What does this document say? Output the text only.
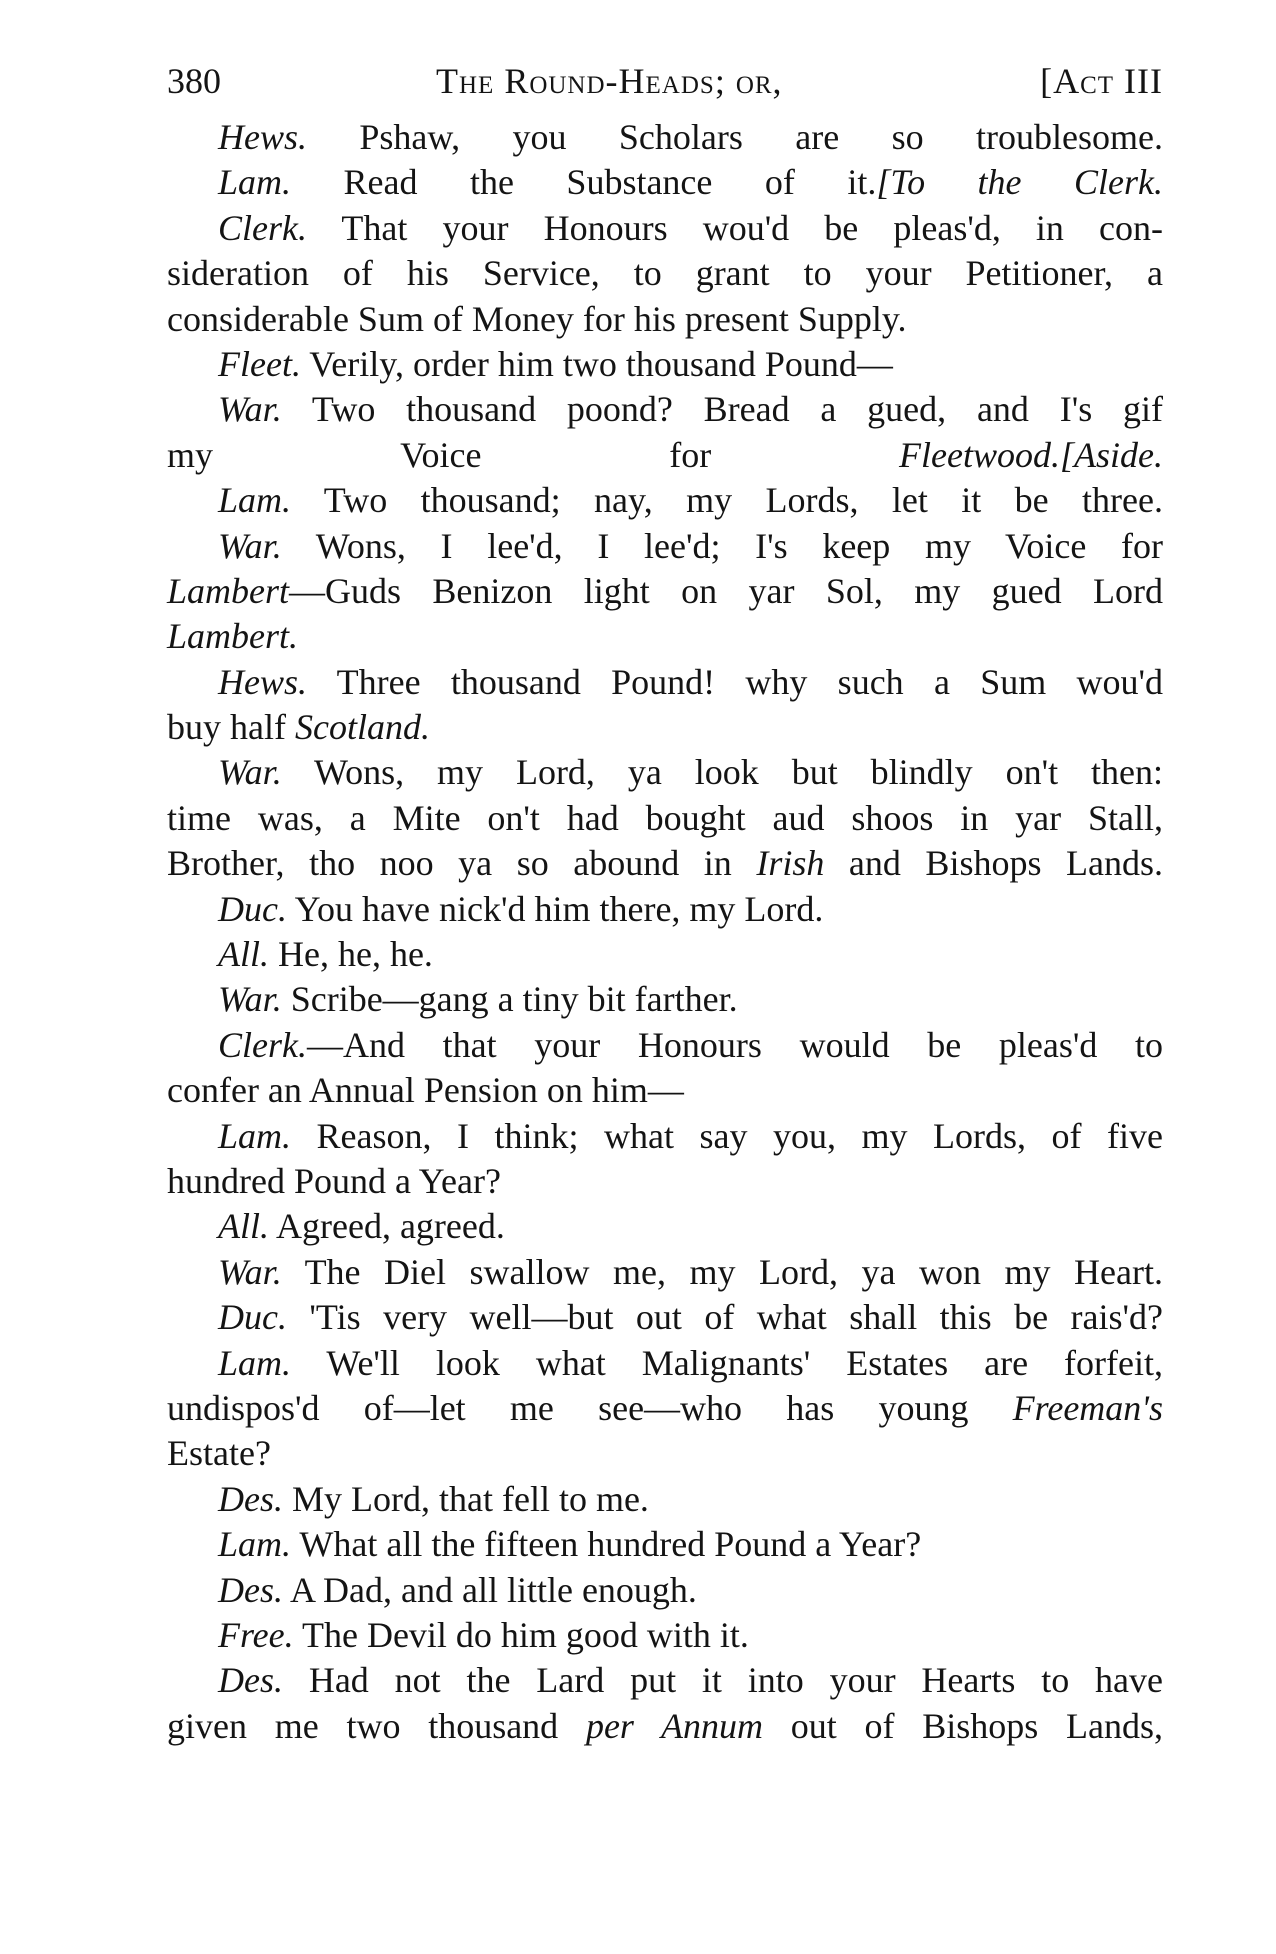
380	The Round-Heads; or,	[Act III
Hews. Pshaw, you Scholars are so troublesome.
Lam. Read the Substance of it.[To the Clerk.
Clerk. That your Honours wou'd be pleas'd, in con-
sideration of his Service, to grant to your Petitioner, a
considerable Sum of Money for his present Supply.
Fleet. Verily, order him two thousand Pound—
War. Two thousand poond? Bread a gued, and I's gif
my Voice for Fleetwood.[Aside.
Lam. Two thousand; nay, my Lords, let it be three.
War. Wons, I lee'd, I lee'd; I's keep my Voice for
Lambert—Guds Benizon light on yar Sol, my gued Lord
Lambert.
Hews. Three thousand Pound! why such a Sum wou'd
buy half Scotland.
War. Wons, my Lord, ya look but blindly on't then:
time was, a Mite on't had bought aud shoos in yar Stall,
Brother, tho noo ya so abound in Irish and Bishops Lands.
Duc. You have nick'd him there, my Lord.
All. He, he, he.
War. Scribe—gang a tiny bit farther.
Clerk.—And that your Honours would be pleas'd to
confer an Annual Pension on him—
Lam. Reason, I think; what say you, my Lords, of five
hundred Pound a Year?
All. Agreed, agreed.
War. The Diel swallow me, my Lord, ya won my Heart.
Duc. 'Tis very well—but out of what shall this be rais'd?
Lam. We'll look what Malignants' Estates are forfeit,
undispos'd of—let me see—who has young Freeman's
Estate?
Des. My Lord, that fell to me.
Lam. What all the fifteen hundred Pound a Year?
Des. A Dad, and all little enough.
Free. The Devil do him good with it.
Des. Had not the Lard put it into your Hearts to have
given me two thousand per Annum out of Bishops Lands,
